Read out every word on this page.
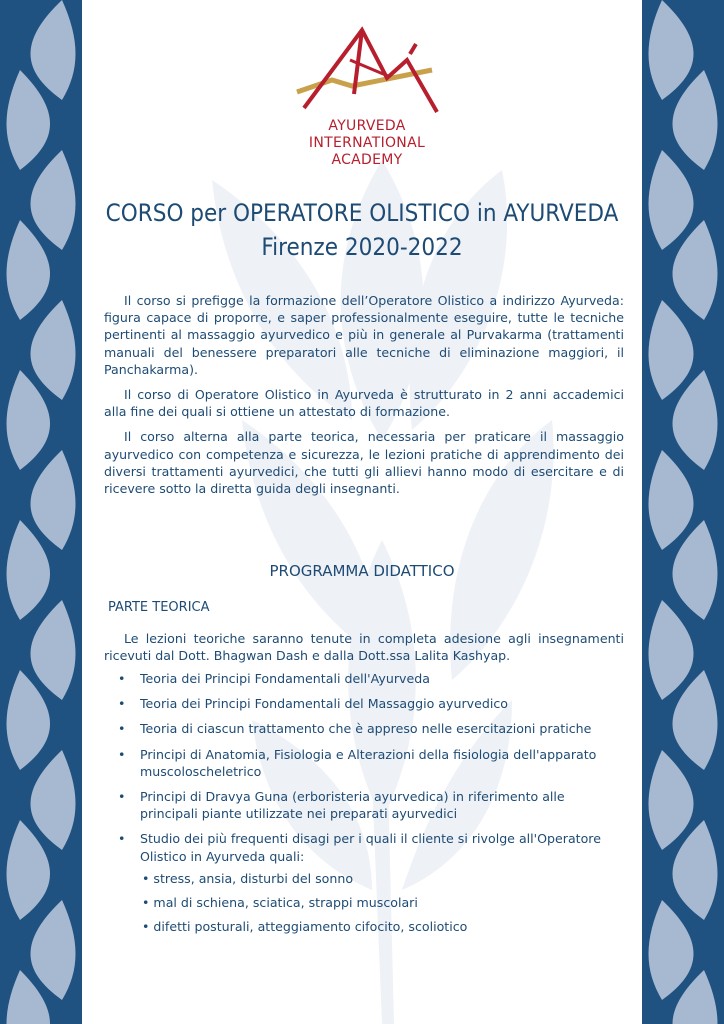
AYURVEDA
INTERNATIONAL
ACADEMY
CORSO per OPERATORE OLISTICO in AYURVEDA
Firenze 2020-2022

Il corso si prefigge la formazione dell’Operatore Olistico a indirizzo Ayurveda: figura capace di proporre, e saper professionalmente eseguire, tutte le tecniche pertinenti al massaggio ayurvedico e più in generale al Purvakarma (trattamenti manuali del benessere preparatori alle tecniche di eliminazione maggiori, il Panchakarma).

Il corso di Operatore Olistico in Ayurveda è strutturato in 2 anni accademici alla fine dei quali si ottiene un attestato di formazione.

Il corso alterna alla parte teorica, necessaria per praticare il massaggio ayurvedico con competenza e sicurezza, le lezioni pratiche di apprendimento dei diversi trattamenti ayurvedici, che tutti gli allievi hanno modo di esercitare e di ricevere sotto la diretta guida degli insegnanti.

PROGRAMMA DIDATTICO
PARTE TEORICA
Le lezioni teoriche saranno tenute in completa adesione agli insegnamenti ricevuti dal Dott. Bhagwan Dash e dalla Dott.ssa Lalita Kashyap.
• Teoria dei Principi Fondamentali dell'Ayurveda
• Teoria dei Principi Fondamentali del Massaggio ayurvedico
• Teoria di ciascun trattamento che è appreso nelle esercitazioni pratiche
• Principi di Anatomia, Fisiologia e Alterazioni della fisiologia dell'apparato muscoloscheletrico
• Principi di Dravya Guna (erboristeria ayurvedica) in riferimento alle principali piante utilizzate nei preparati ayurvedici
• Studio dei più frequenti disagi per i quali il cliente si rivolge all'Operatore Olistico in Ayurveda quali:
• stress, ansia, disturbi del sonno
• mal di schiena, sciatica, strappi muscolari
• difetti posturali, atteggiamento cifocito, scoliotico
